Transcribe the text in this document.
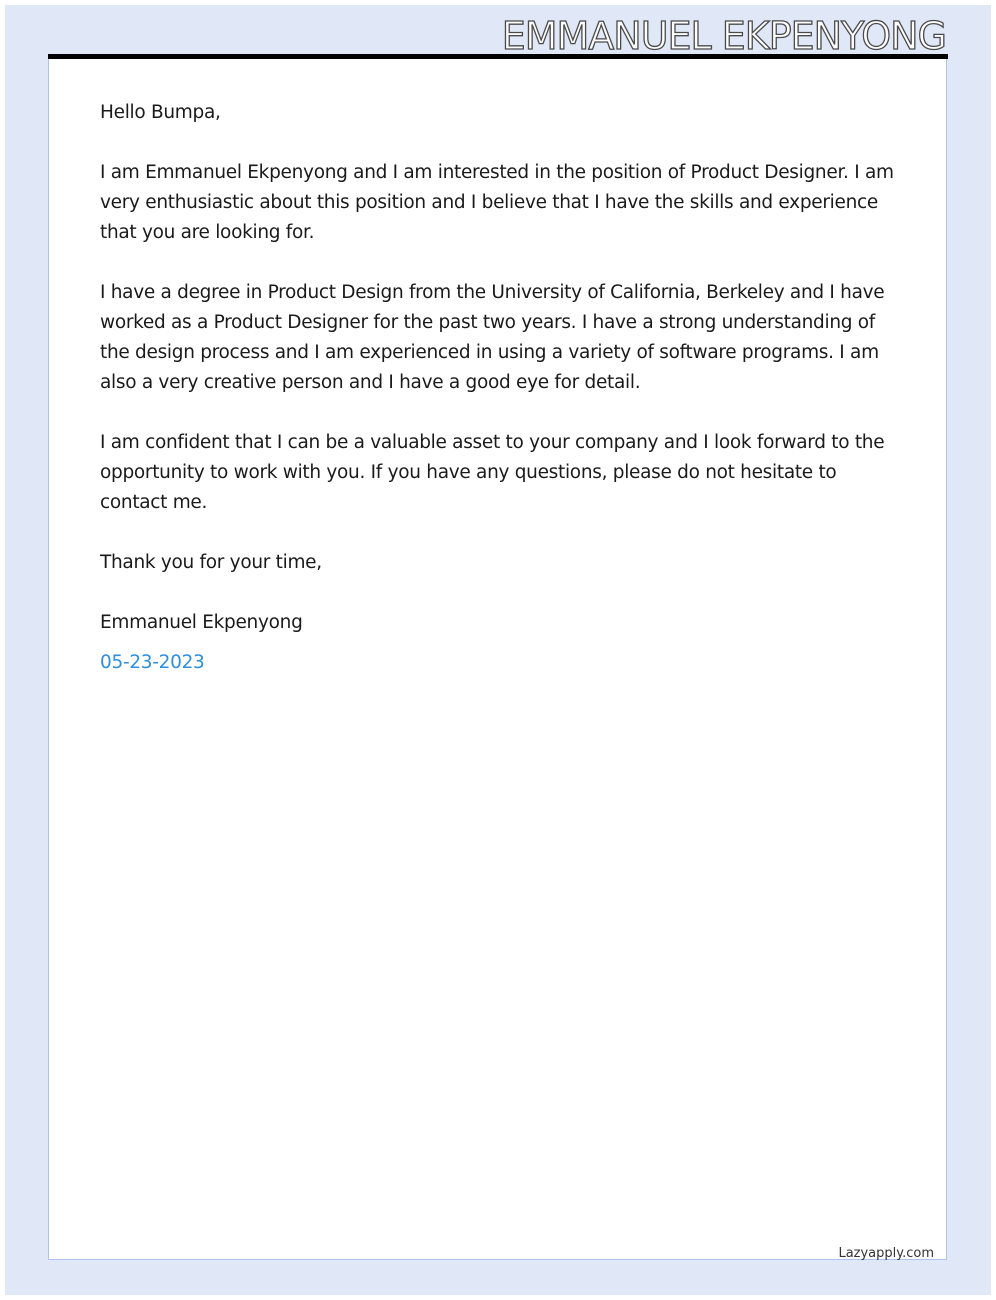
EMMANUEL EKPENYONG

Hello Bumpa,

I am Emmanuel Ekpenyong and I am interested in the position of Product Designer. I am very enthusiastic about this position and I believe that I have the skills and experience that you are looking for.

I have a degree in Product Design from the University of California, Berkeley and I have worked as a Product Designer for the past two years. I have a strong understanding of the design process and I am experienced in using a variety of software programs. I am also a very creative person and I have a good eye for detail.

I am confident that I can be a valuable asset to your company and I look forward to the opportunity to work with you. If you have any questions, please do not hesitate to contact me.

Thank you for your time,

Emmanuel Ekpenyong

05-23-2023

Lazyapply.com
